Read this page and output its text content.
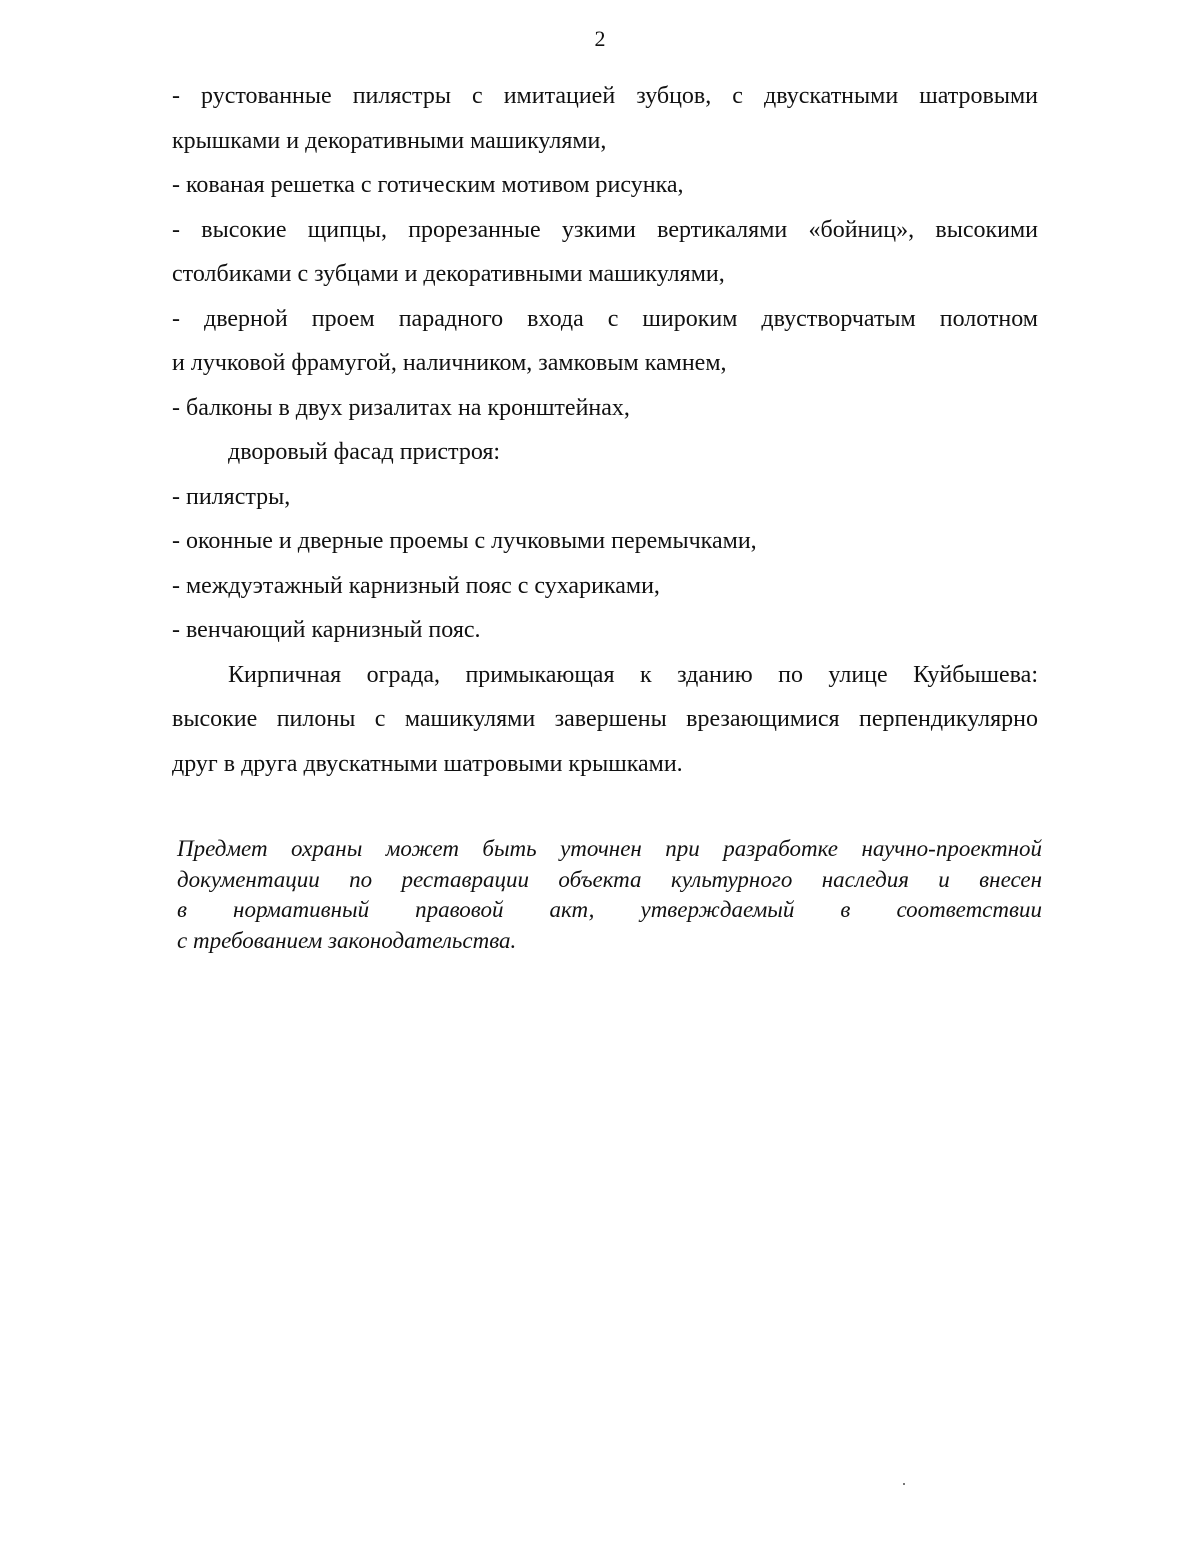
2
- рустованные пилястры с имитацией зубцов, с двускатными шатровыми
крышками и декоративными машикулями,
- кованая решетка с готическим мотивом рисунка,
- высокие щипцы, прорезанные узкими вертикалями «бойниц», высокими
столбиками с зубцами и декоративными машикулями,
- дверной проем парадного входа с широким двустворчатым полотном
и лучковой фрамугой, наличником, замковым камнем,
- балконы в двух ризалитах на кронштейнах,
дворовый фасад пристроя:
- пилястры,
- оконные и дверные проемы с лучковыми перемычками,
- междуэтажный карнизный пояс с сухариками,
- венчающий карнизный пояс.
Кирпичная ограда, примыкающая к зданию по улице Куйбышева:
высокие пилоны с машикулями завершены врезающимися перпендикулярно
друг в друга двускатными шатровыми крышками.
Предмет охраны может быть уточнен при разработке научно-проектной
документации по реставрации объекта культурного наследия и внесен
в нормативный правовой акт, утверждаемый в соответствии
с требованием законодательства.
